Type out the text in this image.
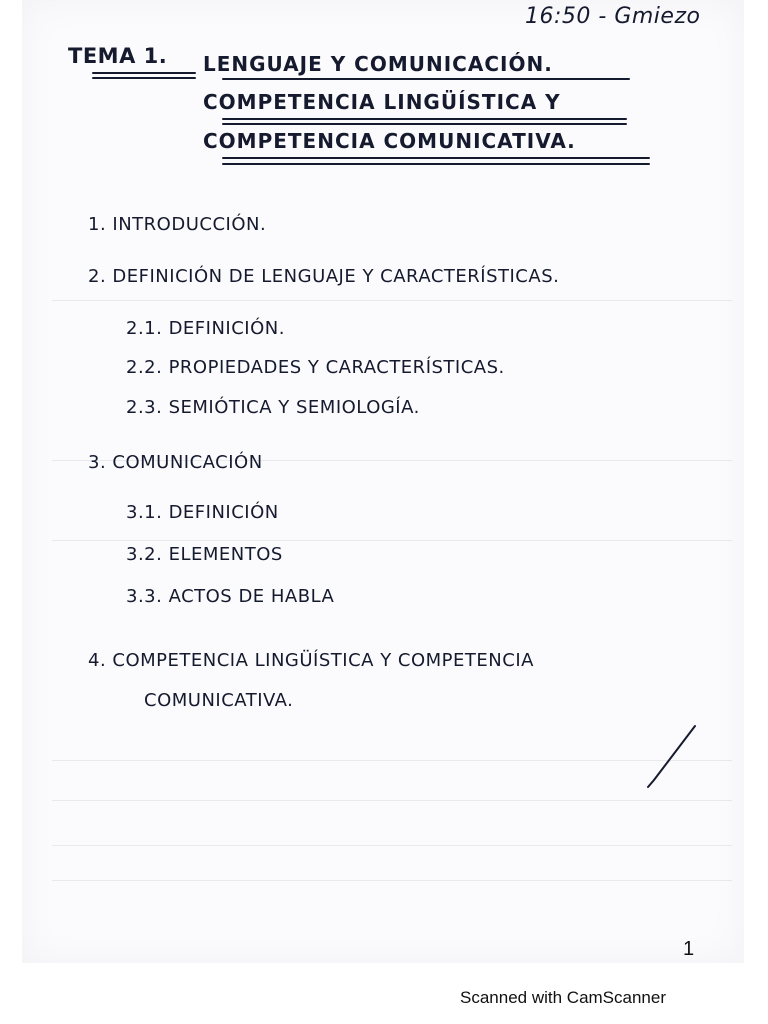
16:50 - Gmiezo
TEMA 1. LENGUAJE Y COMUNICACIÓN.
COMPETENCIA LINGÜÍSTICA Y
COMPETENCIA COMUNICATIVA.
1. INTRODUCCIÓN.
2. DEFINICIÓN DE LENGUAJE Y CARACTERÍSTICAS.
2.1. DEFINICIÓN.
2.2. PROPIEDADES Y CARACTERÍSTICAS.
2.3. SEMIÓTICA Y SEMIOLOGÍA.
3. COMUNICACIÓN
3.1. DEFINICIÓN
3.2. ELEMENTOS
3.3. ACTOS DE HABLA
4. COMPETENCIA LINGÜÍSTICA Y COMPETENCIA
COMUNICATIVA.
1
Scanned with CamScanner
